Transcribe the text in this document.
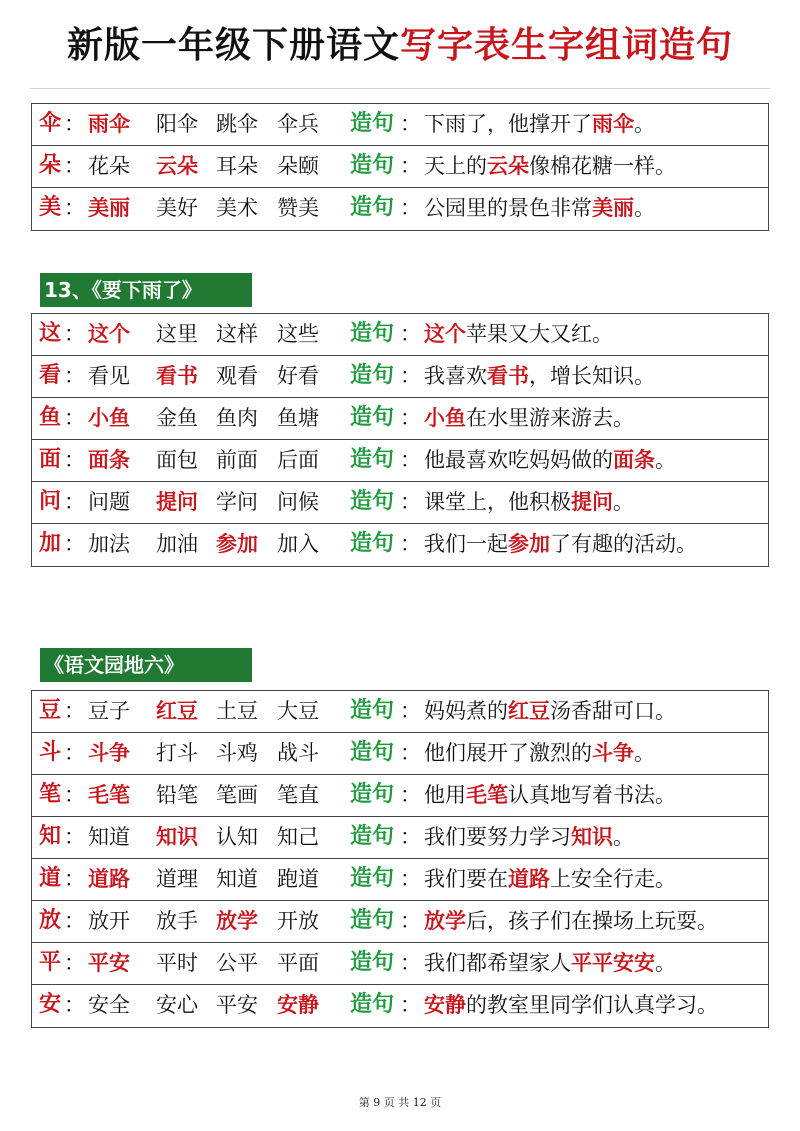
新版一年级下册语文写字表生字组词造句
伞 ： 雨伞 阳伞 跳伞 伞兵 造句 ： 下雨了，他撑开了雨伞。
朵 ： 花朵 云朵 耳朵 朵颐 造句 ： 天上的云朵像棉花糖一样。
美 ： 美丽 美好 美术 赞美 造句 ： 公园里的景色非常美丽。
13、《要下雨了》
这 ： 这个 这里 这样 这些 造句 ： 这个苹果又大又红。
看 ： 看见 看书 观看 好看 造句 ： 我喜欢看书，增长知识。
鱼 ： 小鱼 金鱼 鱼肉 鱼塘 造句 ： 小鱼在水里游来游去。
面 ： 面条 面包 前面 后面 造句 ： 他最喜欢吃妈妈做的面条。
问 ： 问题 提问 学问 问候 造句 ： 课堂上，他积极提问。
加 ： 加法 加油 参加 加入 造句 ： 我们一起参加了有趣的活动。
《语文园地六》
豆 ： 豆子 红豆 土豆 大豆 造句 ： 妈妈煮的红豆汤香甜可口。
斗 ： 斗争 打斗 斗鸡 战斗 造句 ： 他们展开了激烈的斗争。
笔 ： 毛笔 铅笔 笔画 笔直 造句 ： 他用毛笔认真地写着书法。
知 ： 知道 知识 认知 知己 造句 ： 我们要努力学习知识。
道 ： 道路 道理 知道 跑道 造句 ： 我们要在道路上安全行走。
放 ： 放开 放手 放学 开放 造句 ： 放学后，孩子们在操场上玩耍。
平 ： 平安 平时 公平 平面 造句 ： 我们都希望家人平平安安。
安 ： 安全 安心 平安 安静 造句 ： 安静的教室里同学们认真学习。
第 9 页 共 12 页
